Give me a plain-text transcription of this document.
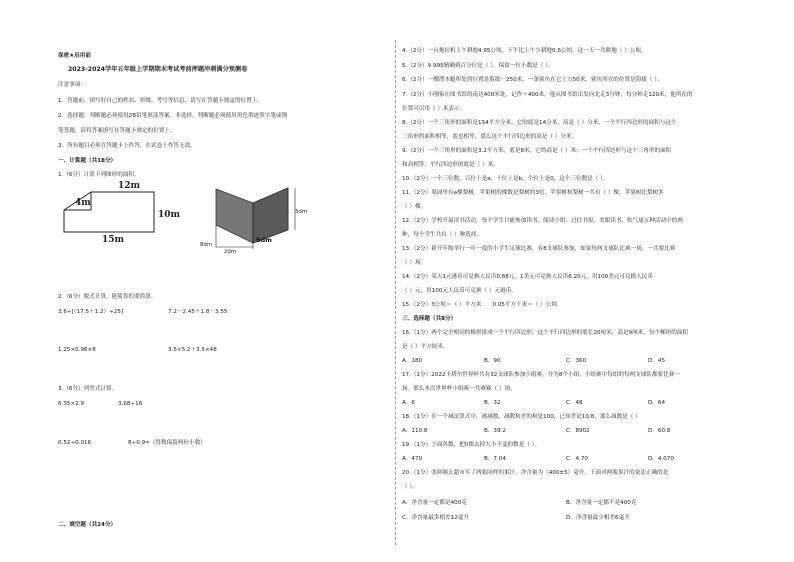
保密★启用前
2023-2024学年五年级上学期期末考试考前押题冲刺满分预测卷
注意事项：
1．答题前，填写好自己的姓名、班级、考号等信息，请写在答题卡规定的位置上。
2．选择题、判断题必须使用2B铅笔填涂答案，非选择、判断题必须使用黑色墨迹签字笔或钢
笔答题，请将答案填写在答题卡规定的位置上。
3．所有题目必须在答题卡上作答，在试卷上作答无效。
一、计算题（共18分）
1.（6分）计算下列图形的面积。
12m
4m
10m
15m	8dm
5dm
3dm
2dm
2.（6分）脱式计算，能简算的要简算。
3.6÷[（17.5＋1.2）÷25]	7.2－2.45＋1.8－3.55
1.25×0.96×8	3.5×5.2＋3.5×48
3.（6分）列竖式计算。
6.35×2.9	3.68÷16
0.52÷0.016	8÷0.9≈（得数保留两位小数）
二、填空题（共24分）
4.（2分）一台拖拉机上午耕地4.95公顷，下午比上午少耕地0.6公顷。这一天一共耕地（ ）公顷。
5.（2分）9.995精确到百分位是（ ），保留一位小数是（ ）。
6.（2分）一艘潜水艇所处的位置是海拔－250米，一条鲨鱼在它上方50米，鲨鱼所在的位置是海拔（ ）。
7.（2分）小刚家在图书馆的南边400米处，记作＋400米，他从图书馆出发向北走3分钟，每分钟走120米，他所在的
位置可以用（ ）米表示。
8.（2分）一个三角形的面积是154平方分米，它的底是14分米，高是（ ）分米。一个平行四边形的面积与这个
三角形的面积相等，底也相等，那么这个平行四边形的高是（ ）分米。
9.（2分）一个三角形的面积是3.2平方米，底是8米，它的高是（ ）米；一个平行四边形与这个三角形的面积
和高相等，平行四边形的底是（ ）米。
10.（2分）一个三位数，百位上是a，十位上是b，个位上是0，这个三位数是（ ）。
11.（2分）果园里有a棵梨树，苹果树的棵数是梨树的3倍，苹果树和梨树一共有（ ）棵，苹果树比梨树多
（ ）棵。
12.（2分）学校开展读书活动，每个学生只能参加读书、阅读小组、过往书报、美眼读书、吹气球五种活动中的两
种，每个学生共有（ ）种选择。
13.（2分）新开年级举行一年一度的小学生足球比赛，有8支球队参加，如果每两支球队比赛一场，一共要比赛
（ ）场。
14.（2分）某天1元港币可兑换人民币0.88元，1美元可兑换人民币6.20元，用100美元可兑换人民币
（ ）元，用100元人民币可兑换（ ）元港币。
15.（2分）3公顷＝（ ）平方米　　0.05平方千米＝（ ）公顷
三、选择题（共8分）
16.（1分）两个完全相同的梯形拼成一个平行四边形，这个平行四边形的底长20厘米，高是9厘米，每个梯形的面积
是（ ）平方厘米。
A．180	B．90	C．360	D．45
17.（1分）2022卡塔尔世界杯共有32支球队参加小组赛，分为8个小组，小组赛中每组的每两支球队都要比赛一
场。那么本次世界杯小组赛一共赛赛（ ）场。
A．6	B．32	C．48	D．64
18.（1分）在一个减法算式中，被减数、减数和差的和是100，已知差是10.8，那么减数是（ ）
A．110.8	B．39.2	C．8902	D．60.8
19.（1分）下面各数，把0都去掉大小不变的数是（ ）。
A．470	B．7.04	C．4.70	D．4.070
20.（1分）张阿姨去超市买了两瓶同样的果汁，净含量为（400±5）毫升。下面对两瓶果汁的说法正确的是
（ ）。
A．净含量一定都是400克	B．净含量一定都不是400克
C．净含量最多相差12毫升	D．净含量最少相差6毫升
